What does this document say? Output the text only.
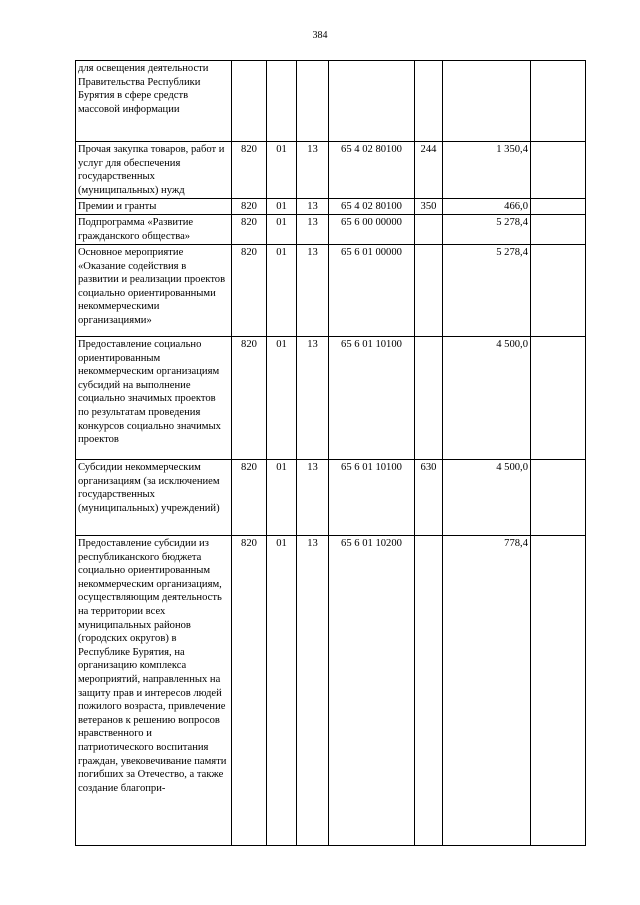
384
для освещения деятельности Правительства Республики Бурятия в сфере средств массовой информации							
Прочая закупка товаров, работ и услуг для обеспечения государственных (муниципальных) нужд	820	01	13	65 4 02 80100	244	1 350,4	
Премии и гранты	820	01	13	65 4 02 80100	350	466,0	
Подпрограмма «Развитие гражданского общества»	820	01	13	65 6 00 00000		5 278,4	
Основное мероприятие «Оказание содействия в развитии и реализации проектов социально ориентированными некоммерческими организациями»	820	01	13	65 6 01 00000		5 278,4	
Предоставление социально ориентированным некоммерческим организациям субсидий на выполнение социально значимых проектов по результатам проведения конкурсов социально значимых проектов	820	01	13	65 6 01 10100		4 500,0	
Субсидии некоммерческим организациям (за исключением государственных (муниципальных) учреждений)	820	01	13	65 6 01 10100	630	4 500,0	
Предоставление субсидии из республиканского бюджета социально ориентированным некоммерческим организациям, осуществляющим деятельность на территории всех муниципальных районов (городских округов) в Республике Бурятия, на организацию комплекса мероприятий, направленных на защиту прав и интересов людей пожилого возраста, привлечение ветеранов к решению вопросов нравственного и патриотического воспитания граждан, увековечивание памяти погибших за Отечество, а также создание благопри-	820	01	13	65 6 01 10200		778,4	
